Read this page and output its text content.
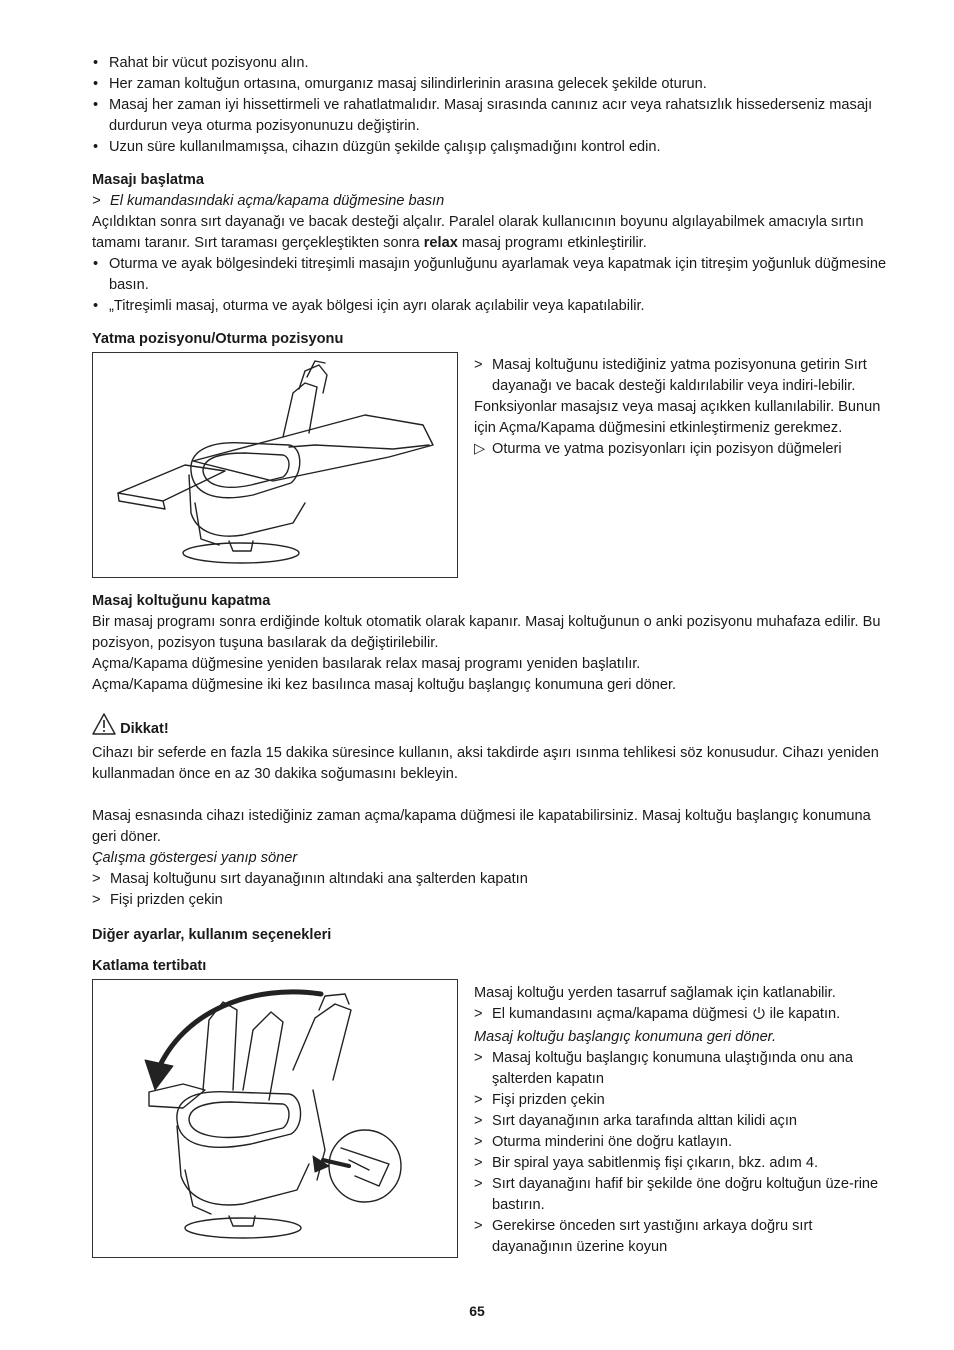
• Rahat bir vücut pozisyonu alın.
• Her zaman koltuğun ortasına, omurganız masaj silindirlerinin arasına gelecek şekilde oturun.
• Masaj her zaman iyi hissettirmeli ve rahatlatmalıdır. Masaj sırasında canınız acır veya rahatsızlık hissederseniz masajı durdurun veya oturma pozisyonunuzu değiştirin.
• Uzun süre kullanılmamışsa, cihazın düzgün şekilde çalışıp çalışmadığını kontrol edin.

Masajı başlatma

> El kumandasındaki açma/kapama düğmesine basın

Açıldıktan sonra sırt dayanağı ve bacak desteği alçalır. Paralel olarak kullanıcının boyunu algılayabilmek amacıyla sırtın tamamı taranır. Sırt taraması gerçekleştikten sonra relax masaj programı etkinleştirilir.

• Oturma ve ayak bölgesindeki titreşimli masajın yoğunluğunu ayarlamak veya kapatmak için titreşim yoğunluk düğmesine basın.
• „Titreşimli masaj, oturma ve ayak bölgesi için ayrı olarak açılabilir veya kapatılabilir.

Yatma pozisyonu/Oturma pozisyonu

> Masaj koltuğunu istediğiniz yatma pozisyonuna getirin Sırt dayanağı ve bacak desteği kaldırılabilir veya indiri-lebilir.

Fonksiyonlar masajsız veya masaj açıkken kullanılabilir. Bunun için Açma/Kapama düğmesini etkinleştirmeniz gerekmez.

▷ Oturma ve yatma pozisyonları için pozisyon düğmeleri

Masaj koltuğunu kapatma

Bir masaj programı sonra erdiğinde koltuk otomatik olarak kapanır. Masaj koltuğunun o anki pozisyonu muhafaza edilir. Bu pozisyon, pozisyon tuşuna basılarak da değiştirilebilir.

Açma/Kapama düğmesine yeniden basılarak relax masaj programı yeniden başlatılır.

Açma/Kapama düğmesine iki kez basılınca masaj koltuğu başlangıç konumuna geri döner.

Dikkat!

Cihazı bir seferde en fazla 15 dakika süresince kullanın, aksi takdirde aşırı ısınma tehlikesi söz konusudur. Cihazı yeniden kullanmadan önce en az 30 dakika soğumasını bekleyin.

Masaj esnasında cihazı istediğiniz zaman açma/kapama düğmesi ile kapatabilirsiniz. Masaj koltuğu başlangıç konumuna geri döner.

Çalışma göstergesi yanıp söner

> Masaj koltuğunu sırt dayanağının altındaki ana şalterden kapatın

> Fişi prizden çekin

Diğer ayarlar, kullanım seçenekleri

Katlama tertibatı

Masaj koltuğu yerden tasarruf sağlamak için katlanabilir.

> El kumandasını açma/kapama düğmesi  ile kapatın.

Masaj koltuğu başlangıç konumuna geri döner.

> Masaj koltuğu başlangıç konumuna ulaştığında onu ana şalterden kapatın

> Fişi prizden çekin

> Sırt dayanağının arka tarafında alttan kilidi açın

> Oturma minderini öne doğru katlayın.

> Bir spiral yaya sabitlenmiş fişi çıkarın, bkz. adım 4.

> Sırt dayanağını hafif bir şekilde öne doğru koltuğun üze-rine bastırın.

> Gerekirse önceden sırt yastığını arkaya doğru sırt dayanağının üzerine koyun

65
